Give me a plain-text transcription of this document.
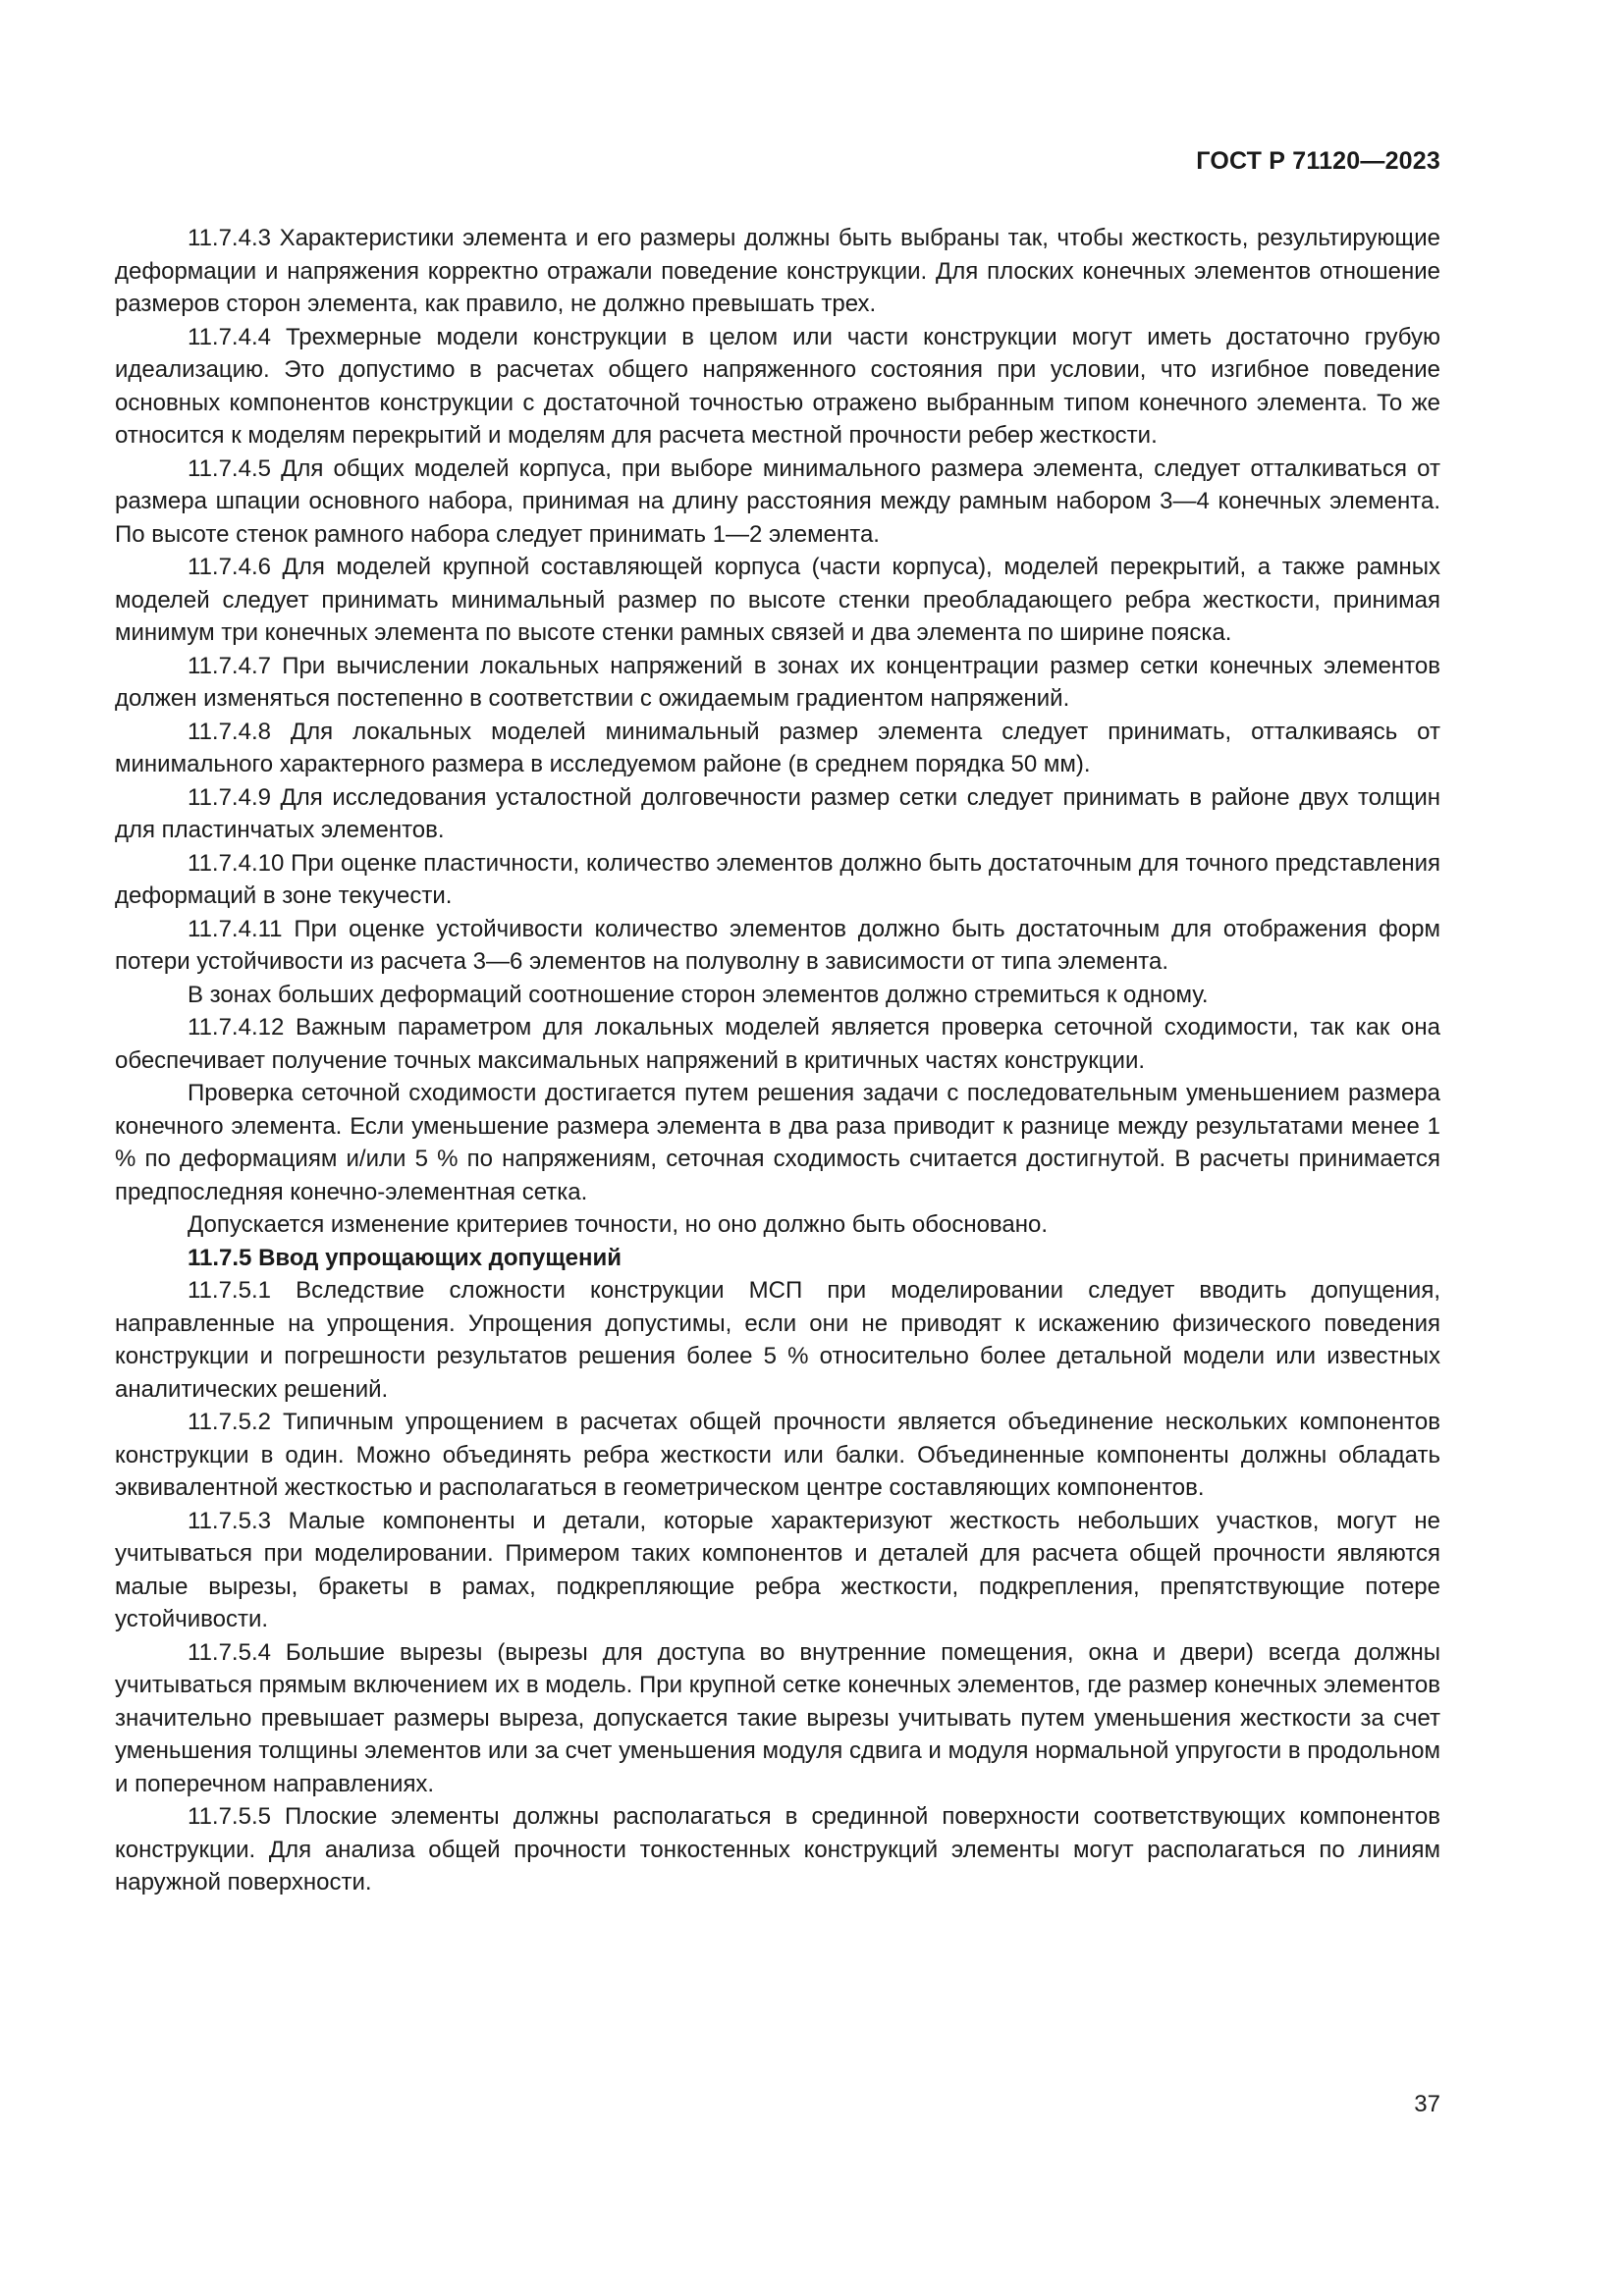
ГОСТ Р 71120—2023

11.7.4.3 Характеристики элемента и его размеры должны быть выбраны так, чтобы жесткость, результирующие деформации и напряжения корректно отражали поведение конструкции. Для плоских конечных элементов отношение размеров сторон элемента, как правило, не должно превышать трех.

11.7.4.4 Трехмерные модели конструкции в целом или части конструкции могут иметь достаточно грубую идеализацию. Это допустимо в расчетах общего напряженного состояния при условии, что изгибное поведение основных компонентов конструкции с достаточной точностью отражено выбранным типом конечного элемента. То же относится к моделям перекрытий и моделям для расчета местной прочности ребер жесткости.

11.7.4.5 Для общих моделей корпуса, при выборе минимального размера элемента, следует отталкиваться от размера шпации основного набора, принимая на длину расстояния между рамным набором 3—4 конечных элемента. По высоте стенок рамного набора следует принимать 1—2 элемента.

11.7.4.6 Для моделей крупной составляющей корпуса (части корпуса), моделей перекрытий, а также рамных моделей следует принимать минимальный размер по высоте стенки преобладающего ребра жесткости, принимая минимум три конечных элемента по высоте стенки рамных связей и два элемента по ширине пояска.

11.7.4.7 При вычислении локальных напряжений в зонах их концентрации размер сетки конечных элементов должен изменяться постепенно в соответствии с ожидаемым градиентом напряжений.

11.7.4.8 Для локальных моделей минимальный размер элемента следует принимать, отталкиваясь от минимального характерного размера в исследуемом районе (в среднем порядка 50 мм).

11.7.4.9 Для исследования усталостной долговечности размер сетки следует принимать в районе двух толщин для пластинчатых элементов.

11.7.4.10 При оценке пластичности, количество элементов должно быть достаточным для точного представления деформаций в зоне текучести.

11.7.4.11 При оценке устойчивости количество элементов должно быть достаточным для отображения форм потери устойчивости из расчета 3—6 элементов на полуволну в зависимости от типа элемента.

В зонах больших деформаций соотношение сторон элементов должно стремиться к одному.

11.7.4.12 Важным параметром для локальных моделей является проверка сеточной сходимости, так как она обеспечивает получение точных максимальных напряжений в критичных частях конструкции.

Проверка сеточной сходимости достигается путем решения задачи с последовательным уменьшением размера конечного элемента. Если уменьшение размера элемента в два раза приводит к разнице между результатами менее 1 % по деформациям и/или 5 % по напряжениям, сеточная сходимость считается достигнутой. В расчеты принимается предпоследняя конечно-элементная сетка.

Допускается изменение критериев точности, но оно должно быть обосновано.

11.7.5 Ввод упрощающих допущений

11.7.5.1 Вследствие сложности конструкции МСП при моделировании следует вводить допущения, направленные на упрощения. Упрощения допустимы, если они не приводят к искажению физического поведения конструкции и погрешности результатов решения более 5 % относительно более детальной модели или известных аналитических решений.

11.7.5.2 Типичным упрощением в расчетах общей прочности является объединение нескольких компонентов конструкции в один. Можно объединять ребра жесткости или балки. Объединенные компоненты должны обладать эквивалентной жесткостью и располагаться в геометрическом центре составляющих компонентов.

11.7.5.3 Малые компоненты и детали, которые характеризуют жесткость небольших участков, могут не учитываться при моделировании. Примером таких компонентов и деталей для расчета общей прочности являются малые вырезы, бракеты в рамах, подкрепляющие ребра жесткости, подкрепления, препятствующие потере устойчивости.

11.7.5.4 Большие вырезы (вырезы для доступа во внутренние помещения, окна и двери) всегда должны учитываться прямым включением их в модель. При крупной сетке конечных элементов, где размер конечных элементов значительно превышает размеры выреза, допускается такие вырезы учитывать путем уменьшения жесткости за счет уменьшения толщины элементов или за счет уменьшения модуля сдвига и модуля нормальной упругости в продольном и поперечном направлениях.

11.7.5.5 Плоские элементы должны располагаться в срединной поверхности соответствующих компонентов конструкции. Для анализа общей прочности тонкостенных конструкций элементы могут располагаться по линиям наружной поверхности.

37
